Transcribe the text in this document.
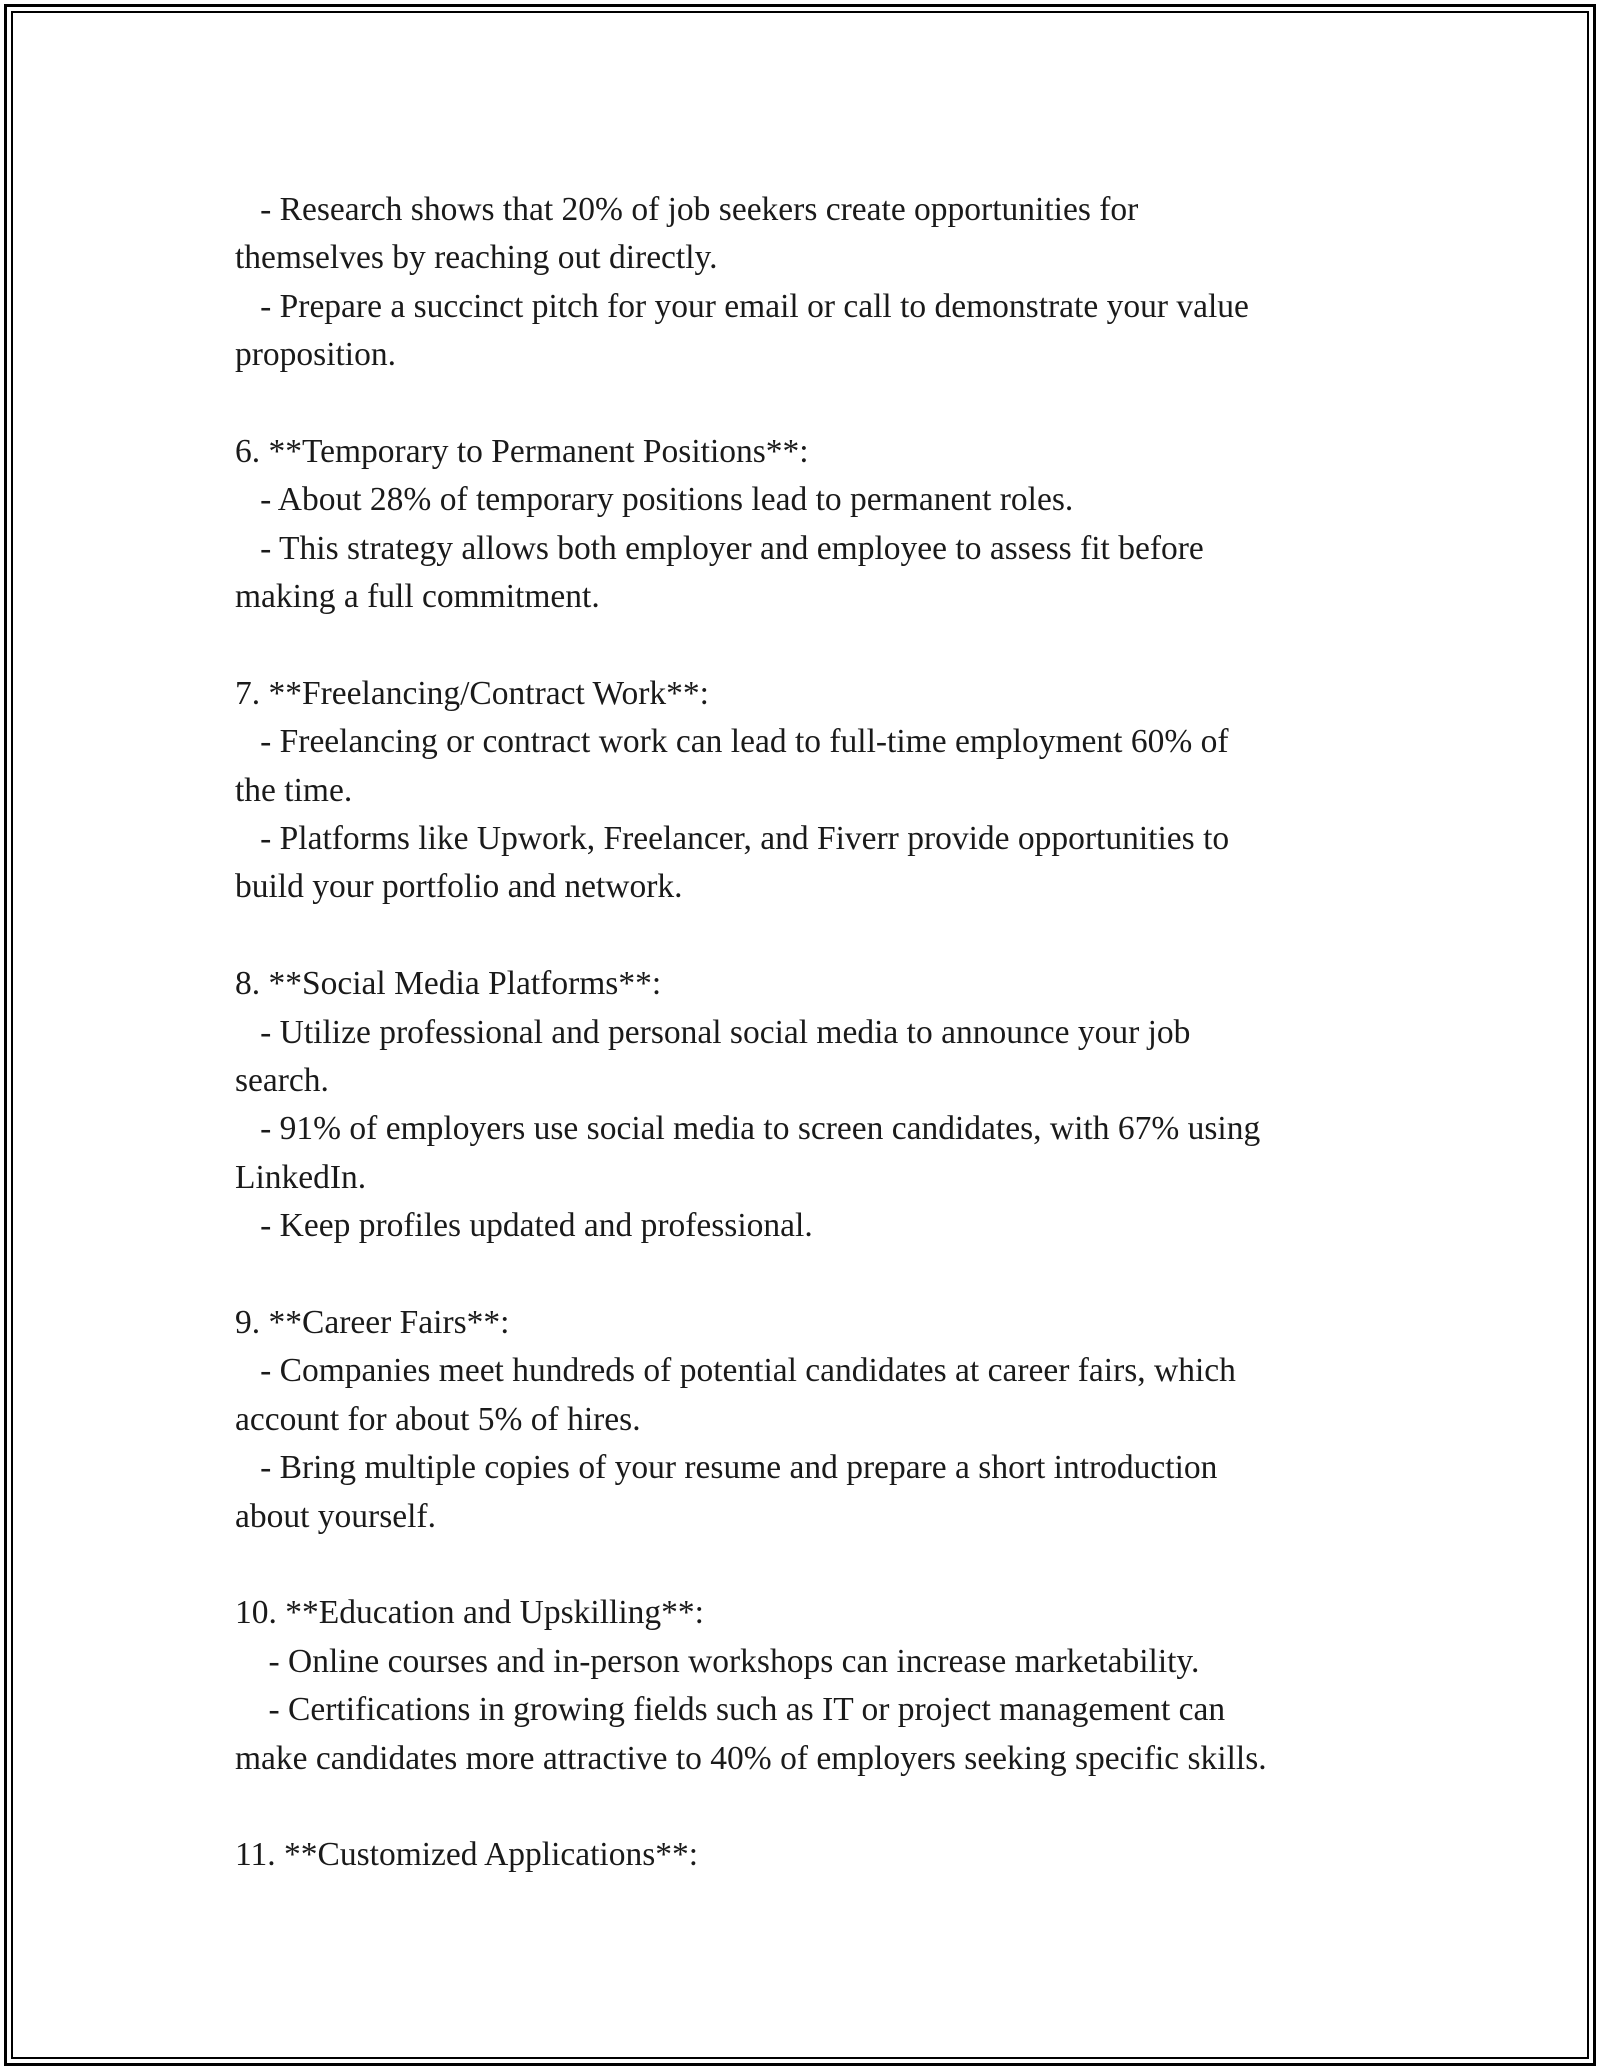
- Research shows that 20% of job seekers create opportunities for
themselves by reaching out directly.
- Prepare a succinct pitch for your email or call to demonstrate your value
proposition.
6. **Temporary to Permanent Positions**:
- About 28% of temporary positions lead to permanent roles.
- This strategy allows both employer and employee to assess fit before
making a full commitment.
7. **Freelancing/Contract Work**:
- Freelancing or contract work can lead to full-time employment 60% of
the time.
- Platforms like Upwork, Freelancer, and Fiverr provide opportunities to
build your portfolio and network.
8. **Social Media Platforms**:
- Utilize professional and personal social media to announce your job
search.
- 91% of employers use social media to screen candidates, with 67% using
LinkedIn.
- Keep profiles updated and professional.
9. **Career Fairs**:
- Companies meet hundreds of potential candidates at career fairs, which
account for about 5% of hires.
- Bring multiple copies of your resume and prepare a short introduction
about yourself.
10. **Education and Upskilling**:
- Online courses and in-person workshops can increase marketability.
- Certifications in growing fields such as IT or project management can
make candidates more attractive to 40% of employers seeking specific skills.
11. **Customized Applications**:
